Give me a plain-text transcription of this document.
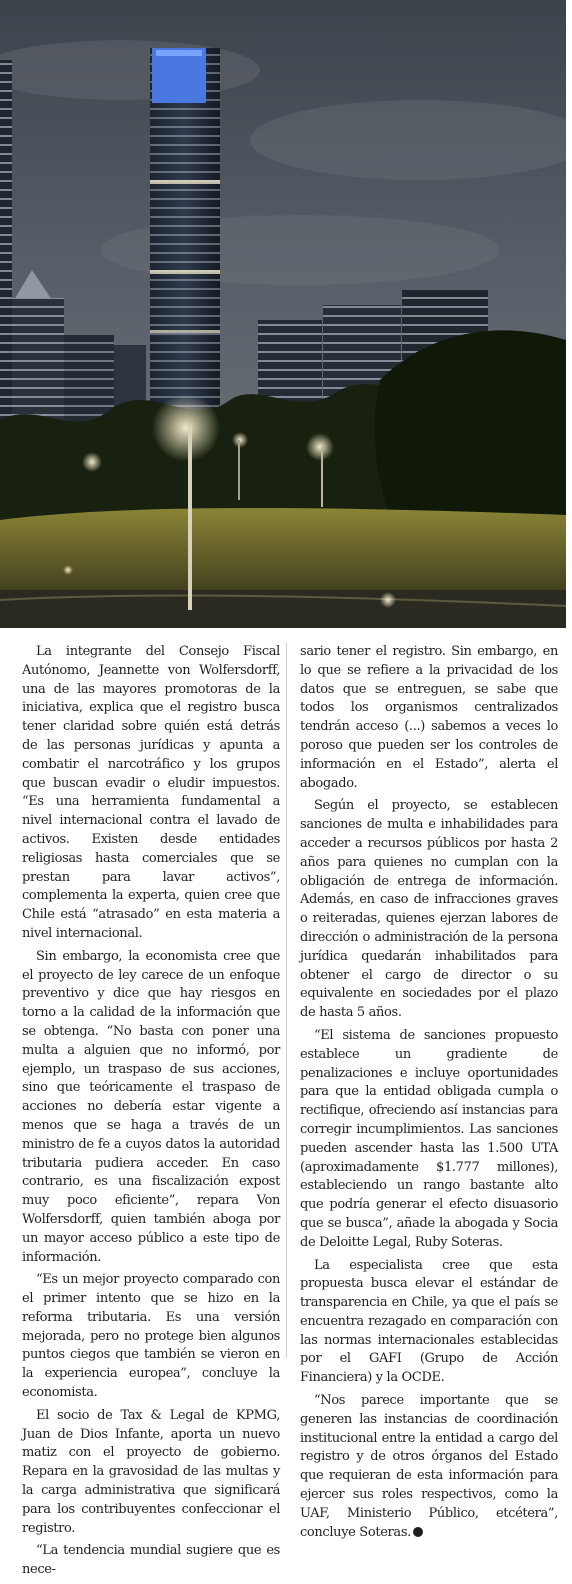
La integrante del Consejo Fiscal Autónomo, Jeannette von Wolfersdorff, una de las mayores promotoras de la iniciativa, explica que el registro busca tener claridad sobre quién está detrás de las personas jurídicas y apunta a combatir el narcotráfico y los grupos que buscan evadir o eludir impuestos. “Es una herramienta fundamental a nivel internacional contra el lavado de activos. Existen desde entidades religiosas hasta comerciales que se prestan para lavar activos”, complementa la experta, quien cree que Chile está “atrasado” en esta materia a nivel internacional.

Sin embargo, la economista cree que el proyecto de ley carece de un enfoque preventivo y dice que hay riesgos en torno a la calidad de la información que se obtenga. “No basta con poner una multa a alguien que no informó, por ejemplo, un traspaso de sus acciones, sino que teóricamente el traspaso de acciones no debería estar vigente a menos que se haga a través de un ministro de fe a cuyos datos la autoridad tributaria pudiera acceder. En caso contrario, es una fiscalización expost muy poco eficiente”, repara Von Wolfersdorff, quien también aboga por un mayor acceso público a este tipo de información.

“Es un mejor proyecto comparado con el primer intento que se hizo en la reforma tributaria. Es una versión mejorada, pero no protege bien algunos puntos ciegos que también se vieron en la experiencia europea”, concluye la economista.

El socio de Tax & Legal de KPMG, Juan de Dios Infante, aporta un nuevo matiz con el proyecto de gobierno. Repara en la gravosidad de las multas y la carga administrativa que significará para los contribuyentes confeccionar el registro.

“La tendencia mundial sugiere que es nece-

sario tener el registro. Sin embargo, en lo que se refiere a la privacidad de los datos que se entreguen, se sabe que todos los organismos centralizados tendrán acceso (...) sabemos a veces lo poroso que pueden ser los controles de información en el Estado”, alerta el abogado.

Según el proyecto, se establecen sanciones de multa e inhabilidades para acceder a recursos públicos por hasta 2 años para quienes no cumplan con la obligación de entrega de información. Además, en caso de infracciones graves o reiteradas, quienes ejerzan labores de dirección o administración de la persona jurídica quedarán inhabilitados para obtener el cargo de director o su equivalente en sociedades por el plazo de hasta 5 años.

“El sistema de sanciones propuesto establece un gradiente de penalizaciones e incluye oportunidades para que la entidad obligada cumpla o rectifique, ofreciendo así instancias para corregir incumplimientos. Las sanciones pueden ascender hasta las 1.500 UTA (aproximadamente $1.777 millones), estableciendo un rango bastante alto que podría generar el efecto disuasorio que se busca”, añade la abogada y Socia de Deloitte Legal, Ruby Soteras.

La especialista cree que esta propuesta busca elevar el estándar de transparencia en Chile, ya que el país se encuentra rezagado en comparación con las normas internacionales establecidas por el GAFI (Grupo de Acción Financiera) y la OCDE.

“Nos parece importante que se generen las instancias de coordinación institucional entre la entidad a cargo del registro y de otros órganos del Estado que requieran de esta información para ejercer sus roles respectivos, como la UAF, Ministerio Público, etcétera”, concluye Soteras.
